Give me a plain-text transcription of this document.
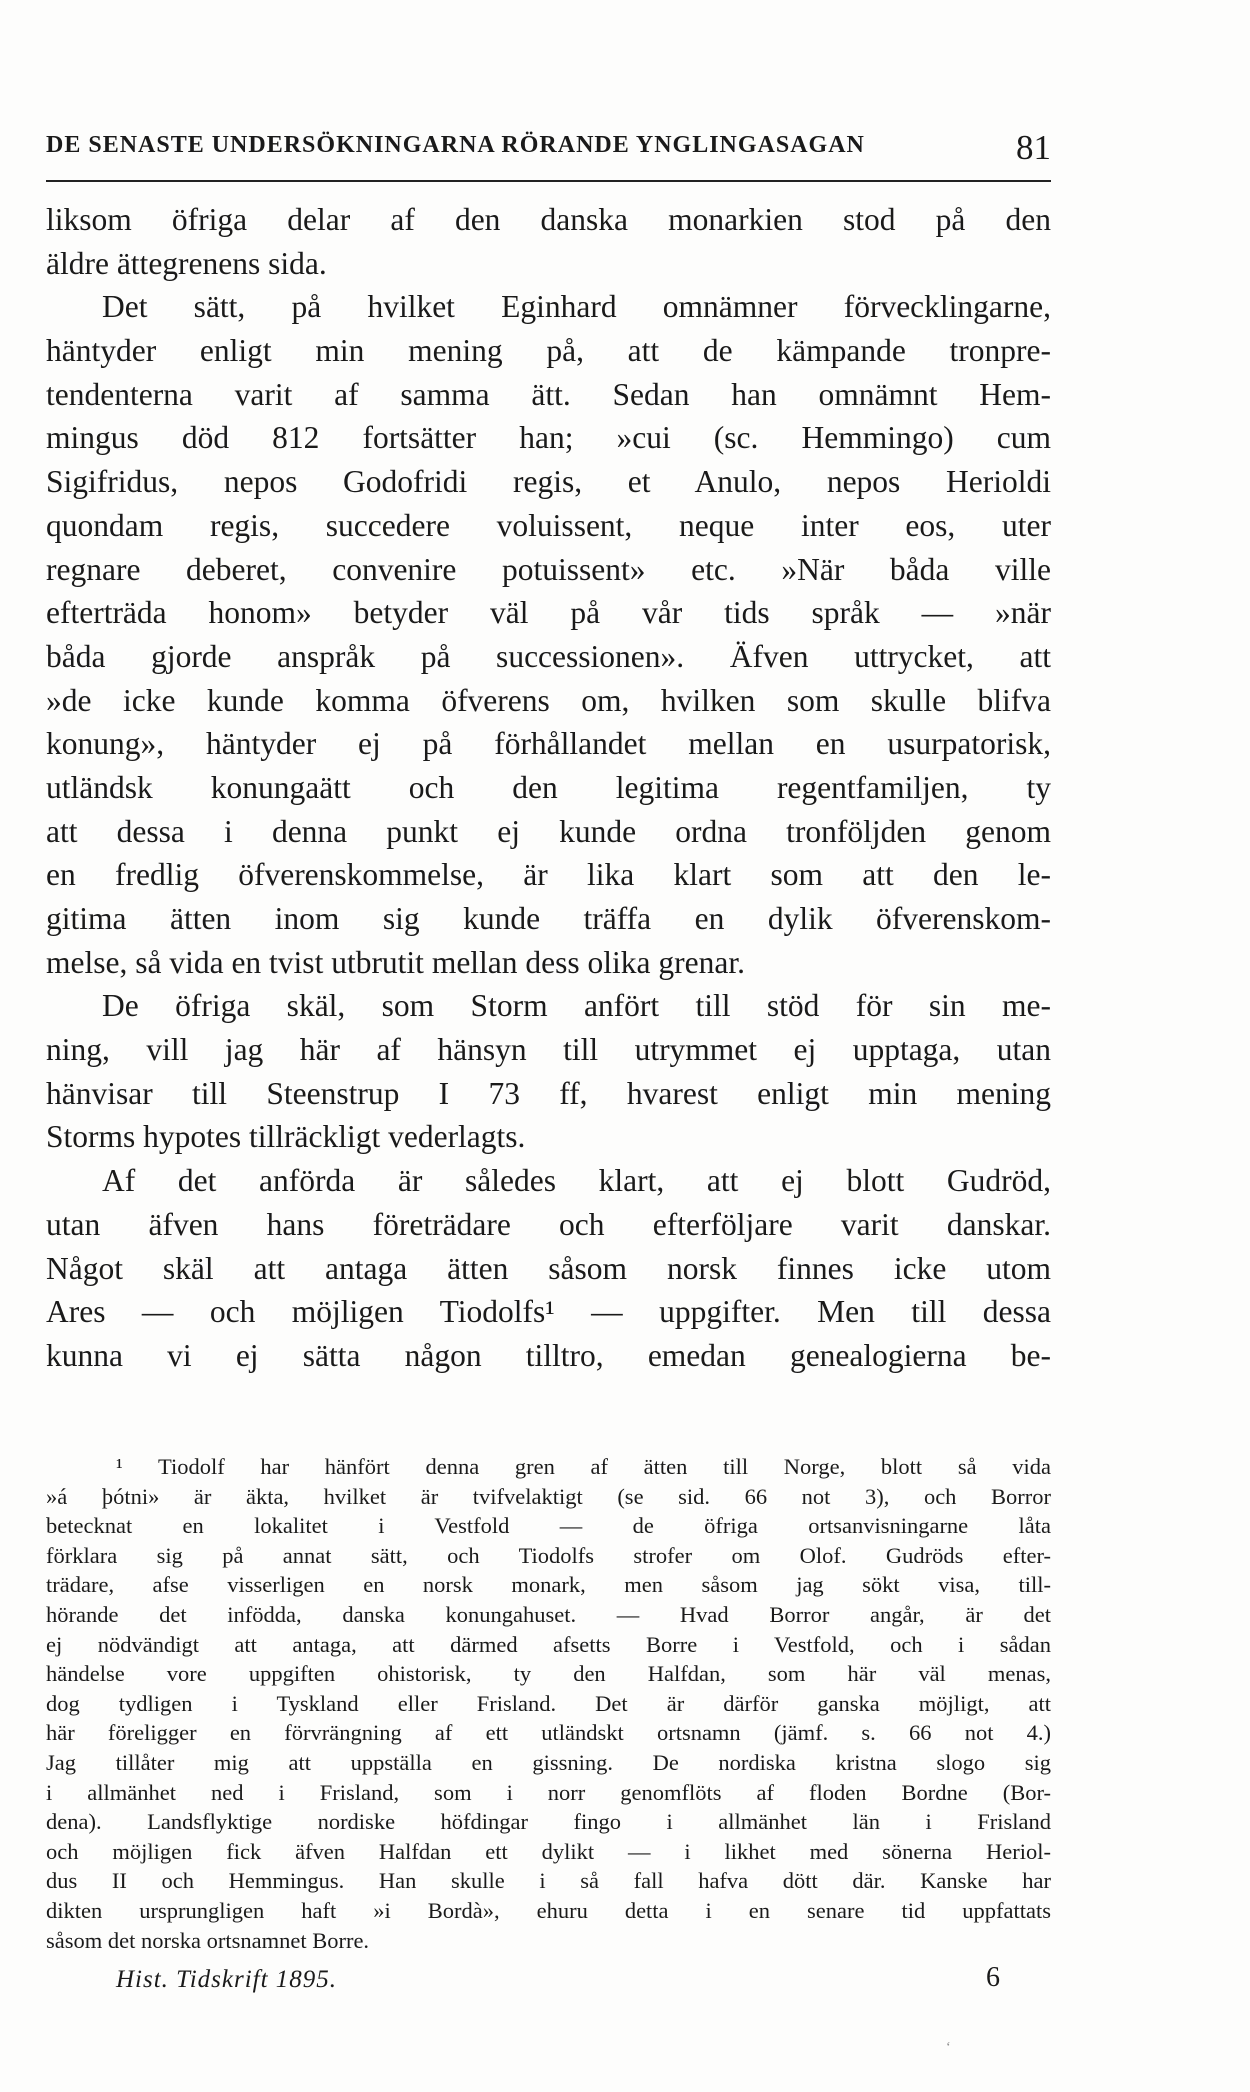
DE SENASTE UNDERSÖKNINGARNA RÖRANDE YNGLINGASAGAN	81
liksom öfriga delar af den danska monarkien stod på den
äldre ättegrenens sida.
Det sätt, på hvilket Eginhard omnämner förvecklingarne,
häntyder enligt min mening på, att de kämpande tronpre-
tendenterna varit af samma ätt. Sedan han omnämnt Hem-
mingus död 812 fortsätter han; »cui (sc. Hemmingo) cum
Sigifridus, nepos Godofridi regis, et Anulo, nepos Herioldi
quondam regis, succedere voluissent, neque inter eos, uter
regnare deberet, convenire potuissent» etc. »När båda ville
efterträda honom» betyder väl på vår tids språk — »när
båda gjorde anspråk på successionen». Äfven uttrycket, att
»de icke kunde komma öfverens om, hvilken som skulle blifva
konung», häntyder ej på förhållandet mellan en usurpatorisk,
utländsk konungaätt och den legitima regentfamiljen, ty
att dessa i denna punkt ej kunde ordna tronföljden genom
en fredlig öfverenskommelse, är lika klart som att den le-
gitima ätten inom sig kunde träffa en dylik öfverenskom-
melse, så vida en tvist utbrutit mellan dess olika grenar.
De öfriga skäl, som Storm anfört till stöd för sin me-
ning, vill jag här af hänsyn till utrymmet ej upptaga, utan
hänvisar till Steenstrup I 73 ff, hvarest enligt min mening
Storms hypotes tillräckligt vederlagts.
Af det anförda är således klart, att ej blott Gudröd,
utan äfven hans företrädare och efterföljare varit danskar.
Något skäl att antaga ätten såsom norsk finnes icke utom
Ares — och möjligen Tiodolfs¹ — uppgifter. Men till dessa
kunna vi ej sätta någon tilltro, emedan genealogierna be-
¹ Tiodolf har hänfört denna gren af ätten till Norge, blott så vida
»á þótni» är äkta, hvilket är tvifvelaktigt (se sid. 66 not 3), och Borror
betecknat en lokalitet i Vestfold — de öfriga ortsanvisningarne låta
förklara sig på annat sätt, och Tiodolfs strofer om Olof. Gudröds efter-
trädare, afse visserligen en norsk monark, men såsom jag sökt visa, till-
hörande det infödda, danska konungahuset. — Hvad Borror angår, är det
ej nödvändigt att antaga, att därmed afsetts Borre i Vestfold, och i sådan
händelse vore uppgiften ohistorisk, ty den Halfdan, som här väl menas,
dog tydligen i Tyskland eller Frisland. Det är därför ganska möjligt, att
här föreligger en förvrängning af ett utländskt ortsnamn (jämf. s. 66 not 4.)
Jag tillåter mig att uppställa en gissning. De nordiska kristna slogo sig
i allmänhet ned i Frisland, som i norr genomflöts af floden Bordne (Bor-
dena). Landsflyktige nordiske höfdingar fingo i allmänhet län i Frisland
och möjligen fick äfven Halfdan ett dylikt — i likhet med sönerna Heriol-
dus II och Hemmingus. Han skulle i så fall hafva dött där. Kanske har
dikten ursprungligen haft »i Bordà», ehuru detta i en senare tid uppfattats
såsom det norska ortsnamnet Borre.
Hist. Tidskrift 1895.	6
‘
